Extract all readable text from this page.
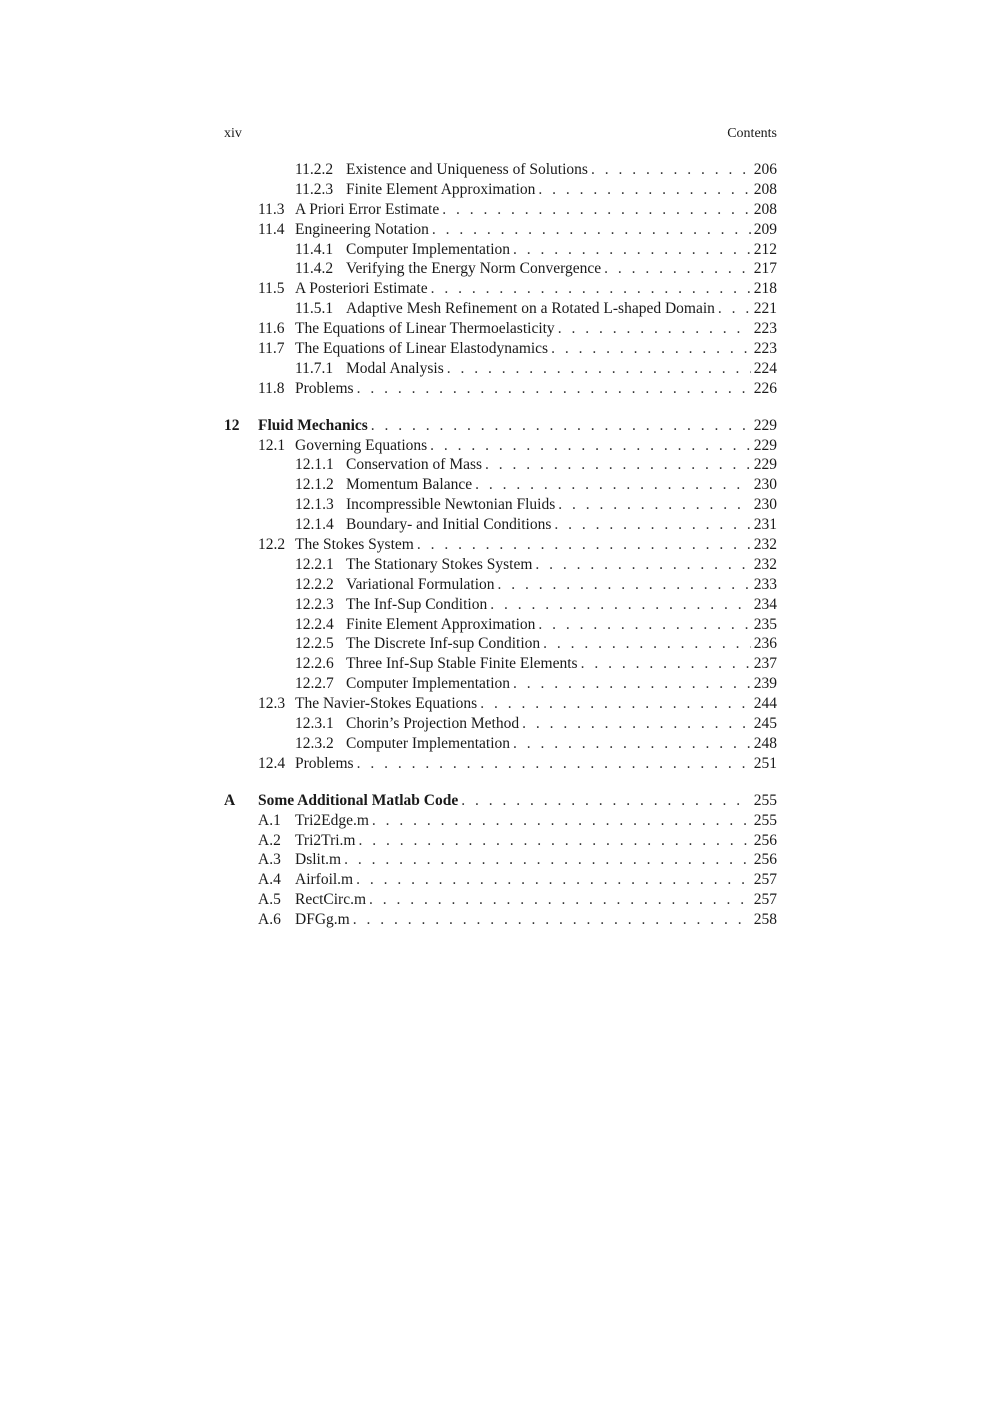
xiv	Contents
11.2.2 Existence and Uniqueness of Solutions . . .	206
11.2.3 Finite Element Approximation . . .	208
11.3 A Priori Error Estimate . . .	208
11.4 Engineering Notation . . .	209
11.4.1 Computer Implementation . . .	212
11.4.2 Verifying the Energy Norm Convergence . . .	217
11.5 A Posteriori Estimate . . .	218
11.5.1 Adaptive Mesh Refinement on a Rotated L-shaped Domain . . .	221
11.6 The Equations of Linear Thermoelasticity . . .	223
11.7 The Equations of Linear Elastodynamics . . .	223
11.7.1 Modal Analysis . . .	224
11.8 Problems . . .	226
12 Fluid Mechanics . . .	229
12.1 Governing Equations . . .	229
12.1.1 Conservation of Mass . . .	229
12.1.2 Momentum Balance . . .	230
12.1.3 Incompressible Newtonian Fluids . . .	230
12.1.4 Boundary- and Initial Conditions . . .	231
12.2 The Stokes System . . .	232
12.2.1 The Stationary Stokes System . . .	232
12.2.2 Variational Formulation . . .	233
12.2.3 The Inf-Sup Condition . . .	234
12.2.4 Finite Element Approximation . . .	235
12.2.5 The Discrete Inf-sup Condition . . .	236
12.2.6 Three Inf-Sup Stable Finite Elements . . .	237
12.2.7 Computer Implementation . . .	239
12.3 The Navier-Stokes Equations . . .	244
12.3.1 Chorin’s Projection Method . . .	245
12.3.2 Computer Implementation . . .	248
12.4 Problems . . .	251
A Some Additional Matlab Code . . .	255
A.1 Tri2Edge.m . . .	255
A.2 Tri2Tri.m . . .	256
A.3 Dslit.m . . .	256
A.4 Airfoil.m . . .	257
A.5 RectCirc.m . . .	257
A.6 DFGg.m . . .	258
